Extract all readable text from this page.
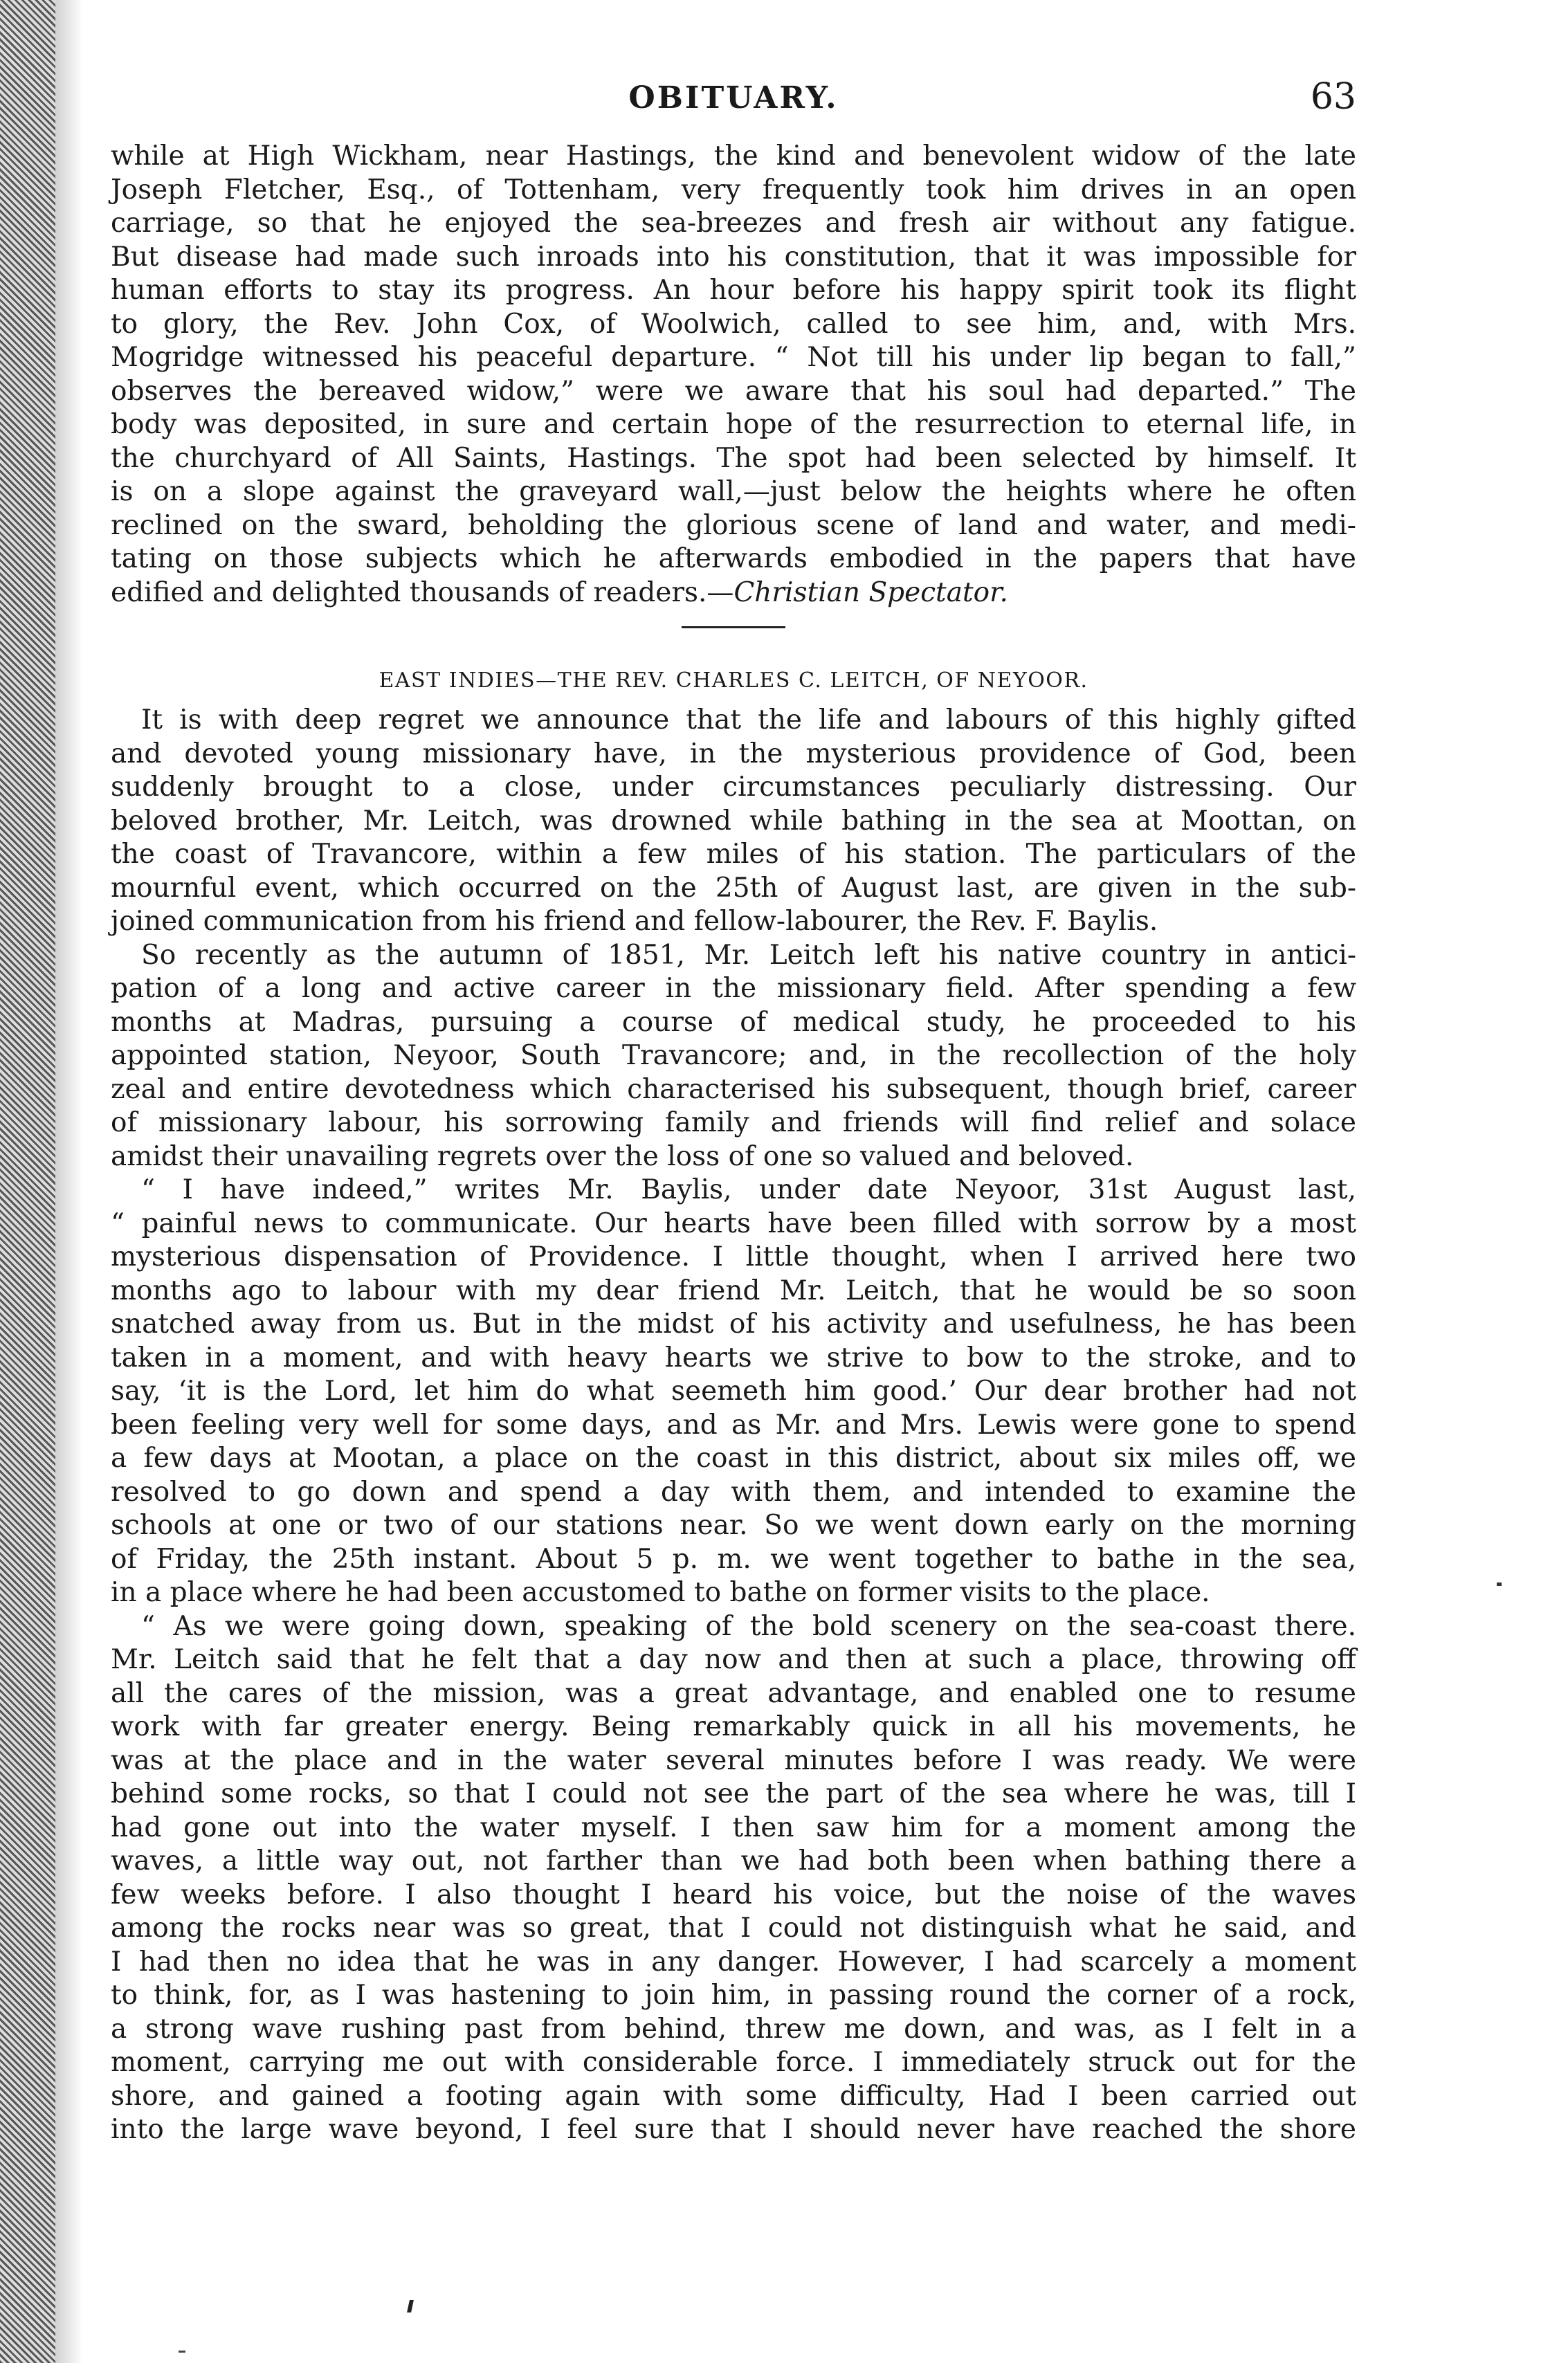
OBITUARY.	63

while at High Wickham, near Hastings, the kind and benevolent widow of the late
Joseph Fletcher, Esq., of Tottenham, very frequently took him drives in an open
carriage, so that he enjoyed the sea-breezes and fresh air without any fatigue.
But disease had made such inroads into his constitution, that it was impossible for
human efforts to stay its progress. An hour before his happy spirit took its flight
to glory, the Rev. John Cox, of Woolwich, called to see him, and, with Mrs.
Mogridge witnessed his peaceful departure. “ Not till his under lip began to fall,”
observes the bereaved widow,” were we aware that his soul had departed.” The
body was deposited, in sure and certain hope of the resurrection to eternal life, in
the churchyard of All Saints, Hastings. The spot had been selected by himself. It
is on a slope against the graveyard wall,—just below the heights where he often
reclined on the sward, beholding the glorious scene of land and water, and medi-
tating on those subjects which he afterwards embodied in the papers that have
edified and delighted thousands of readers.—Christian Spectator.

EAST INDIES—THE REV. CHARLES C. LEITCH, OF NEYOOR.

It is with deep regret we announce that the life and labours of this highly gifted
and devoted young missionary have, in the mysterious providence of God, been
suddenly brought to a close, under circumstances peculiarly distressing. Our
beloved brother, Mr. Leitch, was drowned while bathing in the sea at Moottan, on
the coast of Travancore, within a few miles of his station. The particulars of the
mournful event, which occurred on the 25th of August last, are given in the sub-
joined communication from his friend and fellow-labourer, the Rev. F. Baylis.

So recently as the autumn of 1851, Mr. Leitch left his native country in antici-
pation of a long and active career in the missionary field. After spending a few
months at Madras, pursuing a course of medical study, he proceeded to his
appointed station, Neyoor, South Travancore; and, in the recollection of the holy
zeal and entire devotedness which characterised his subsequent, though brief, career
of missionary labour, his sorrowing family and friends will find relief and solace
amidst their unavailing regrets over the loss of one so valued and beloved.

“ I have indeed,” writes Mr. Baylis, under date Neyoor, 31st August last,
“ painful news to communicate. Our hearts have been filled with sorrow by a most
mysterious dispensation of Providence. I little thought, when I arrived here two
months ago to labour with my dear friend Mr. Leitch, that he would be so soon
snatched away from us. But in the midst of his activity and usefulness, he has been
taken in a moment, and with heavy hearts we strive to bow to the stroke, and to
say, ‘it is the Lord, let him do what seemeth him good.’ Our dear brother had not
been feeling very well for some days, and as Mr. and Mrs. Lewis were gone to spend
a few days at Mootan, a place on the coast in this district, about six miles off, we
resolved to go down and spend a day with them, and intended to examine the
schools at one or two of our stations near. So we went down early on the morning
of Friday, the 25th instant. About 5 p. m. we went together to bathe in the sea,
in a place where he had been accustomed to bathe on former visits to the place.

“ As we were going down, speaking of the bold scenery on the sea-coast there.
Mr. Leitch said that he felt that a day now and then at such a place, throwing off
all the cares of the mission, was a great advantage, and enabled one to resume
work with far greater energy. Being remarkably quick in all his movements, he
was at the place and in the water several minutes before I was ready. We were
behind some rocks, so that I could not see the part of the sea where he was, till I
had gone out into the water myself. I then saw him for a moment among the
waves, a little way out, not farther than we had both been when bathing there a
few weeks before. I also thought I heard his voice, but the noise of the waves
among the rocks near was so great, that I could not distinguish what he said, and
I had then no idea that he was in any danger. However, I had scarcely a moment
to think, for, as I was hastening to join him, in passing round the corner of a rock,
a strong wave rushing past from behind, threw me down, and was, as I felt in a
moment, carrying me out with considerable force. I immediately struck out for the
shore, and gained a footing again with some difficulty, Had I been carried out
into the large wave beyond, I feel sure that I should never have reached the shore
